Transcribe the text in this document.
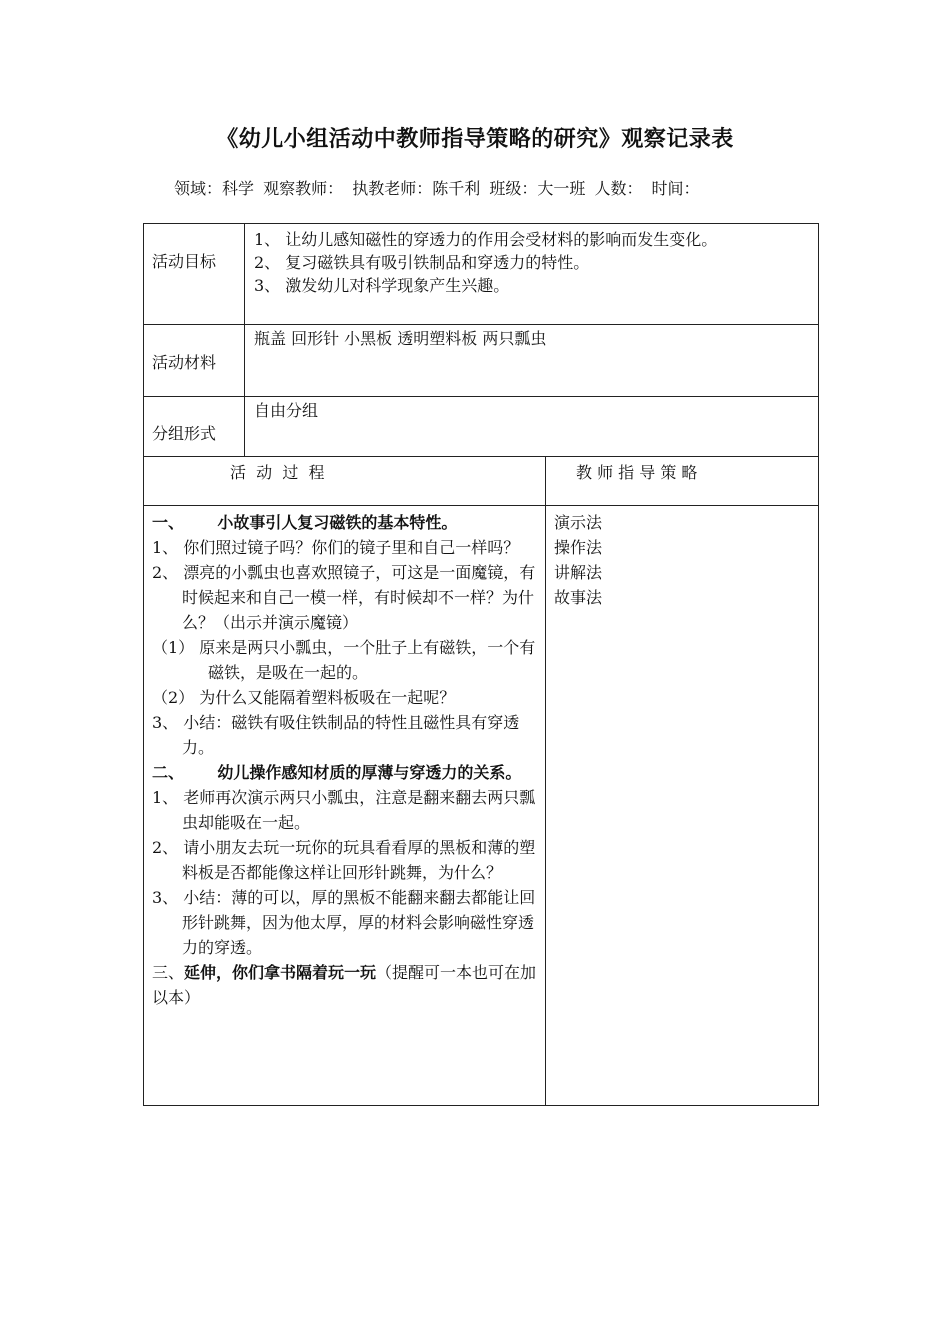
《幼儿小组活动中教师指导策略的研究》观察记录表
领域：科学 观察教师： 执教老师：陈千利 班级：大一班 人数： 时间：
活动目标
1、 让幼儿感知磁性的穿透力的作用会受材料的影响而发生变化。
2、 复习磁铁具有吸引铁制品和穿透力的特性。
3、 激发幼儿对科学现象产生兴趣。
活动材料
瓶盖 回形针 小黑板 透明塑料板 两只瓢虫
分组形式
自由分组
活  动  过  程	教 师 指 导 策 略

一、      小故事引人复习磁铁的基本特性。

1、 你们照过镜子吗？你们的镜子里和自己一样吗？

2、 漂亮的小瓢虫也喜欢照镜子，可这是一面魔镜，有时候起来和自己一模一样，有时候却不一样？为什么？（出示并演示魔镜）

（1） 原来是两只小瓢虫，一个肚子上有磁铁，一个有磁铁，是吸在一起的。

（2） 为什么又能隔着塑料板吸在一起呢？

3、 小结：磁铁有吸住铁制品的特性且磁性具有穿透力。

二、      幼儿操作感知材质的厚薄与穿透力的关系。

1、 老师再次演示两只小瓢虫，注意是翻来翻去两只瓢虫却能吸在一起。

2、 请小朋友去玩一玩你的玩具看看厚的黑板和薄的塑料板是否都能像这样让回形针跳舞，为什么？

3、 小结：薄的可以，厚的黑板不能翻来翻去都能让回形针跳舞，因为他太厚，厚的材料会影响磁性穿透力的穿透。

三、延伸，你们拿书隔着玩一玩（提醒可一本也可在加以本）

演示法

操作法

讲解法

故事法
